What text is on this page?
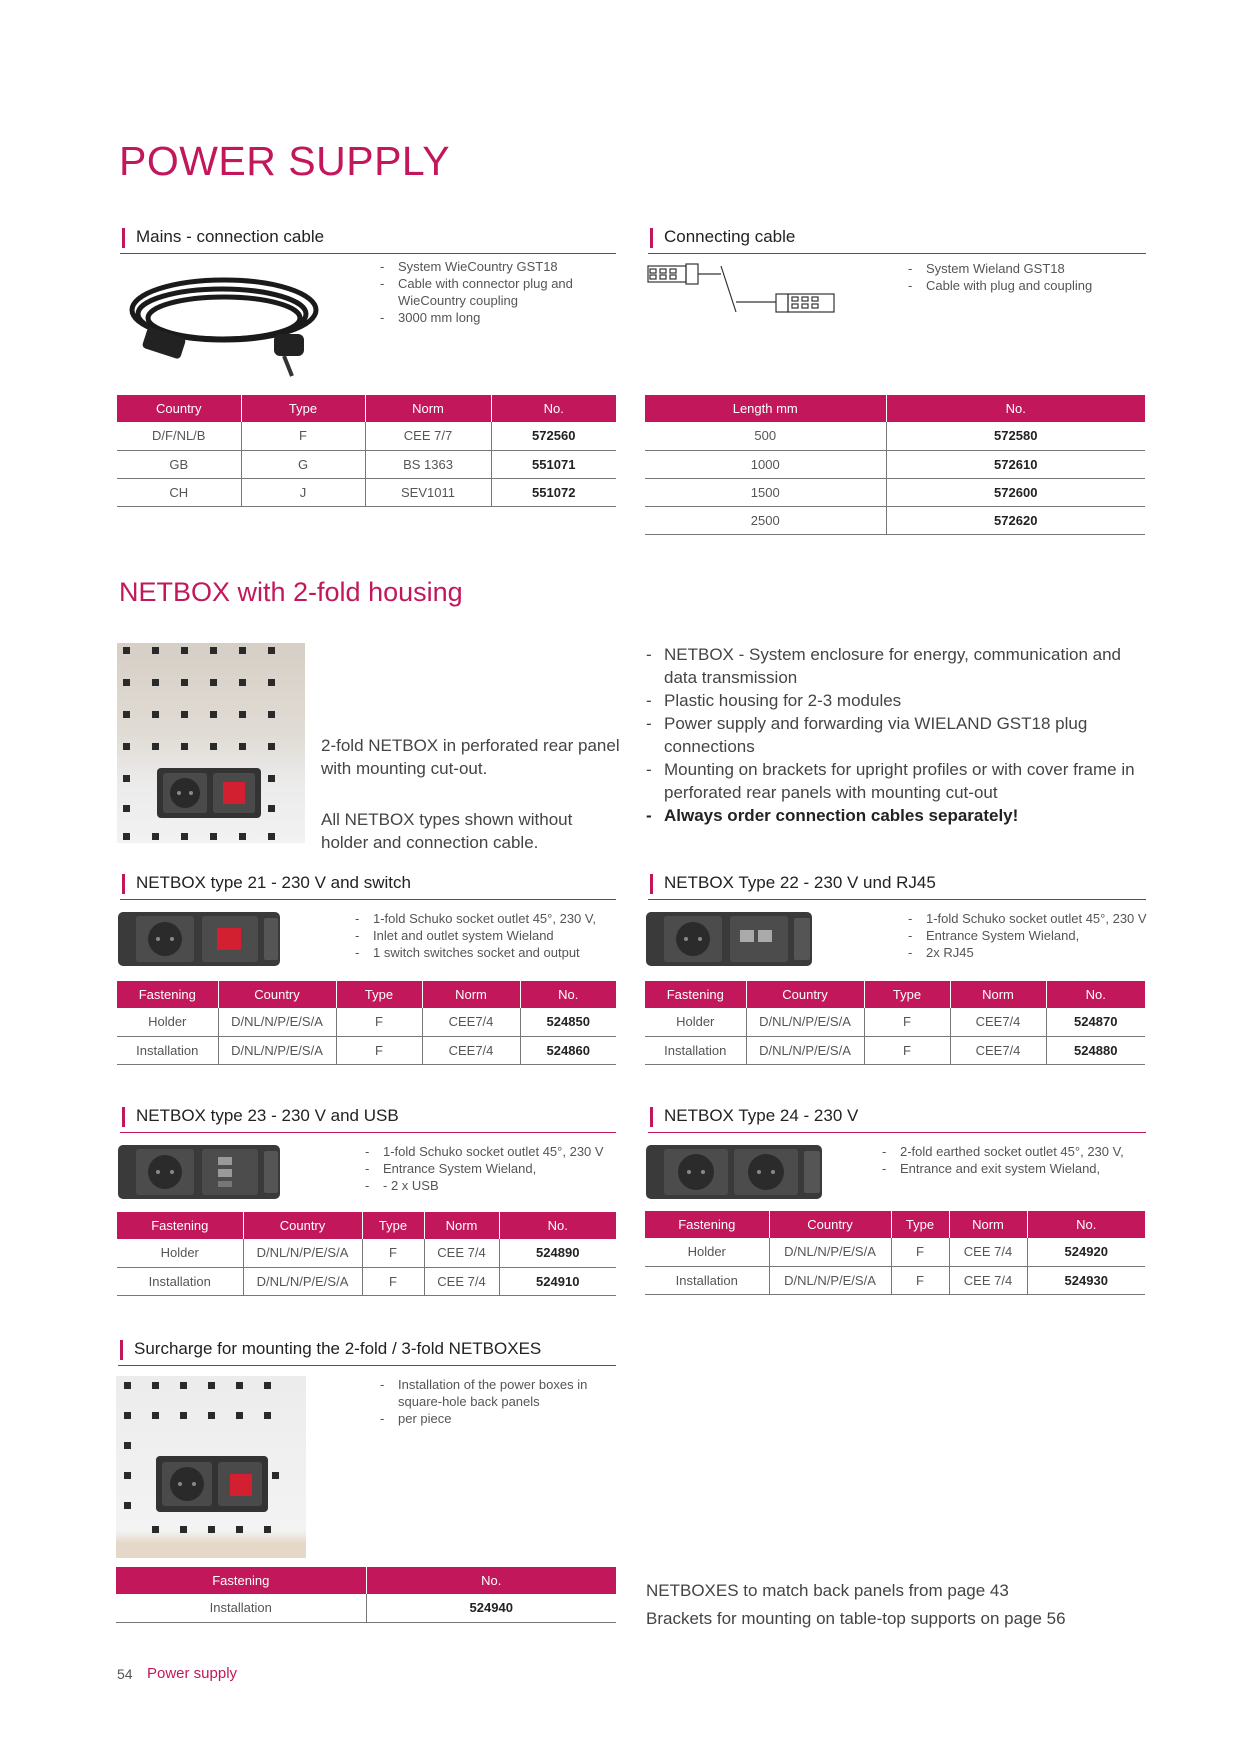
POWER SUPPLY
Mains - connection cable
- System WieCountry GST18
- Cable with connector plug and WieCountry coupling
- 3000 mm long
Country	Type	Norm	No.
D/F/NL/B	F	CEE 7/7	572560
GB	G	BS 1363	551071
CH	J	SEV1011	551072
Connecting cable
- System Wieland GST18
- Cable with plug and coupling
Length mm	No.
500	572580
1000	572610
1500	572600
2500	572620
NETBOX with 2-fold housing
2-fold NETBOX in perforated rear panel with mounting cut-out.
All NETBOX types shown without holder and connection cable.
- NETBOX - System enclosure for energy, communication and data transmission
- Plastic housing for 2-3 modules
- Power supply and forwarding via WIELAND GST18 plug connections
- Mounting on brackets for upright profiles or with cover frame in perforated rear panels with mounting cut-out
- Always order connection cables separately!
NETBOX type 21 - 230 V and switch
- 1-fold Schuko socket outlet 45°, 230 V,
- Inlet and outlet system Wieland
- 1 switch switches socket and output
Fastening	Country	Type	Norm	No.
Holder	D/NL/N/P/E/S/A	F	CEE7/4	524850
Installation	D/NL/N/P/E/S/A	F	CEE7/4	524860
NETBOX Type 22 - 230 V und RJ45
- 1-fold Schuko socket outlet 45°, 230 V
- Entrance System Wieland,
- 2x RJ45
Fastening	Country	Type	Norm	No.
Holder	D/NL/N/P/E/S/A	F	CEE7/4	524870
Installation	D/NL/N/P/E/S/A	F	CEE7/4	524880
NETBOX type 23 - 230 V and USB
- 1-fold Schuko socket outlet 45°, 230 V
- Entrance System Wieland,
- - 2 x USB
Fastening	Country	Type	Norm	No.
Holder	D/NL/N/P/E/S/A	F	CEE 7/4	524890
Installation	D/NL/N/P/E/S/A	F	CEE 7/4	524910
NETBOX Type 24 - 230 V
- 2-fold earthed socket outlet 45°, 230 V,
- Entrance and exit system Wieland,
Fastening	Country	Type	Norm	No.
Holder	D/NL/N/P/E/S/A	F	CEE 7/4	524920
Installation	D/NL/N/P/E/S/A	F	CEE 7/4	524930
Surcharge for mounting the 2-fold / 3-fold NETBOXES
- Installation of the power boxes in square-hole back panels
- per piece
Fastening	No.
Installation	524940
NETBOXES to match back panels from page 43
Brackets for mounting on table-top supports on page 56
54 Power supply
